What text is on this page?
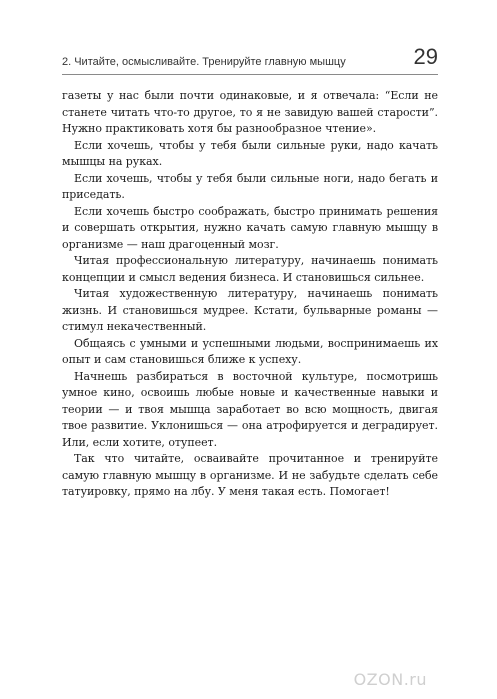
2. Читайте, осмысливайте. Тренируйте главную мышцу	29

газеты у нас были почти одинаковые, и я отвечала: “Если не станете читать что-то другое, то я не завидую вашей старости”. Нужно практиковать хотя бы разнообразное чтение».

Если хочешь, чтобы у тебя были сильные руки, надо качать мышцы на руках.

Если хочешь, чтобы у тебя были сильные ноги, надо бегать и приседать.

Если хочешь быстро соображать, быстро принимать решения и совершать открытия, нужно качать самую главную мышцу в организме — наш драгоценный мозг.

Читая профессиональную литературу, начинаешь понимать концепции и смысл ведения бизнеса. И становишься сильнее.

Читая художественную литературу, начинаешь понимать жизнь. И становишься мудрее. Кстати, бульварные романы — стимул некачественный.

Общаясь с умными и успешными людьми, воспринимаешь их опыт и сам становишься ближе к успеху.

Начнешь разбираться в восточной культуре, посмотришь умное кино, освоишь любые новые и качественные навыки и теории — и твоя мышца заработает во всю мощность, двигая твое развитие. Уклонишься — она атрофируется и деградирует. Или, если хотите, отупеет.

Так что читайте, осваивайте прочитанное и тренируйте самую главную мышцу в организме. И не забудьте сделать себе татуировку, прямо на лбу. У меня такая есть. Помогает!

OZON.ru
